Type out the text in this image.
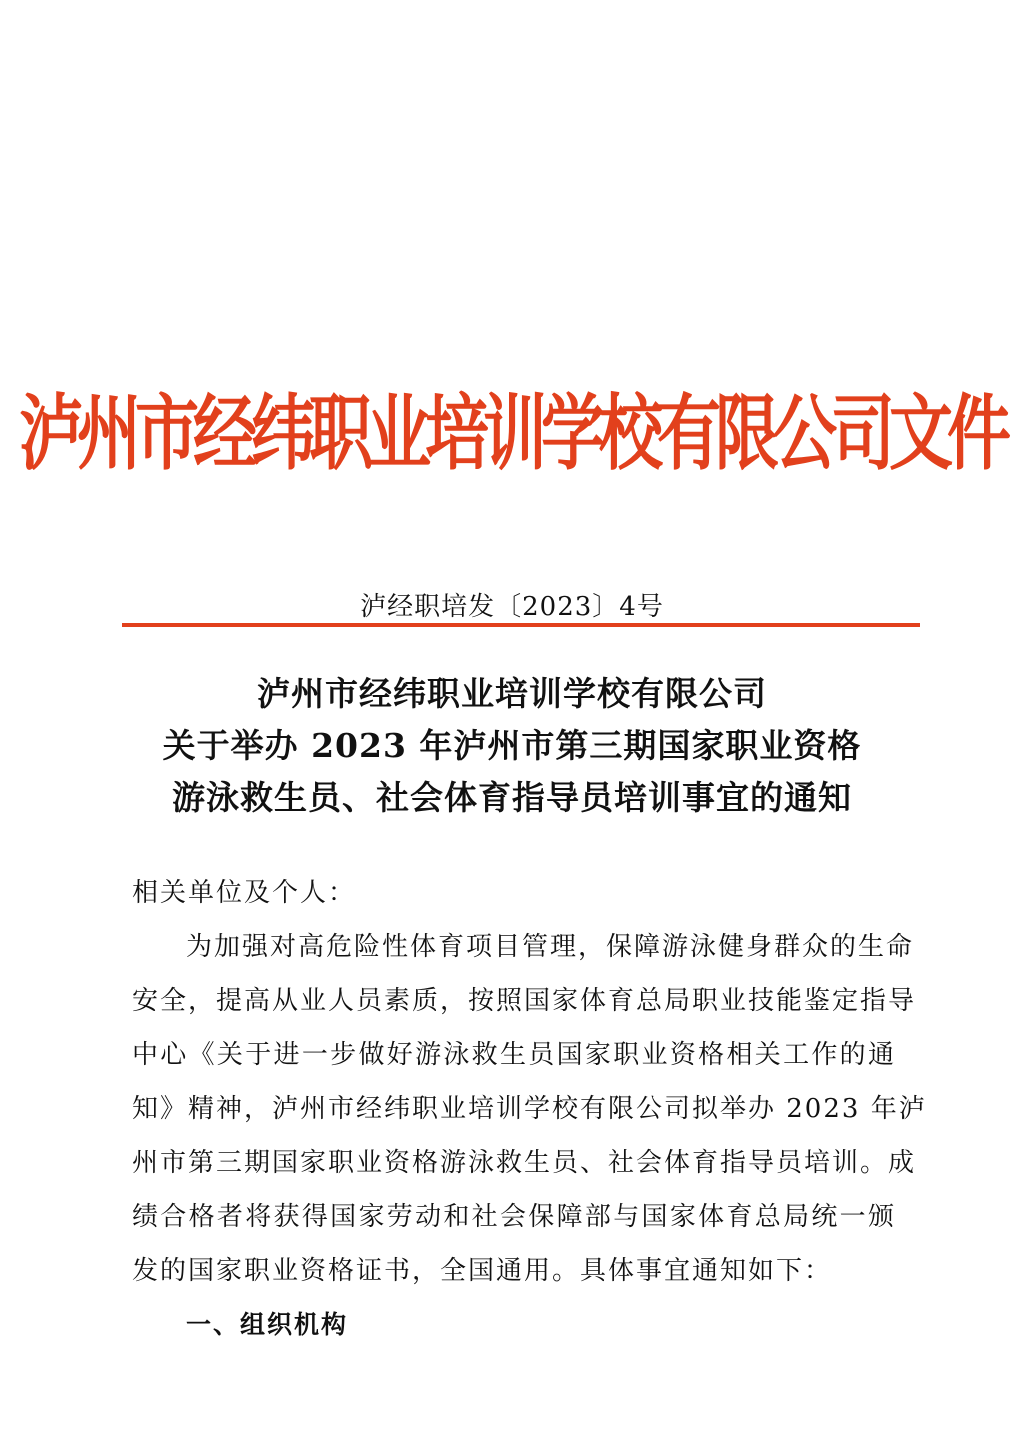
泸州市经纬职业培训学校有限公司文件
泸经职培发〔2023〕4号
泸州市经纬职业培训学校有限公司
关于举办 2023 年泸州市第三期国家职业资格
游泳救生员、社会体育指导员培训事宜的通知
相关单位及个人：
为加强对高危险性体育项目管理，保障游泳健身群众的生命
安全，提高从业人员素质，按照国家体育总局职业技能鉴定指导
中心《关于进一步做好游泳救生员国家职业资格相关工作的通
知》精神，泸州市经纬职业培训学校有限公司拟举办 2023 年泸
州市第三期国家职业资格游泳救生员、社会体育指导员培训。成
绩合格者将获得国家劳动和社会保障部与国家体育总局统一颁
发的国家职业资格证书，全国通用。具体事宜通知如下：
一、组织机构
